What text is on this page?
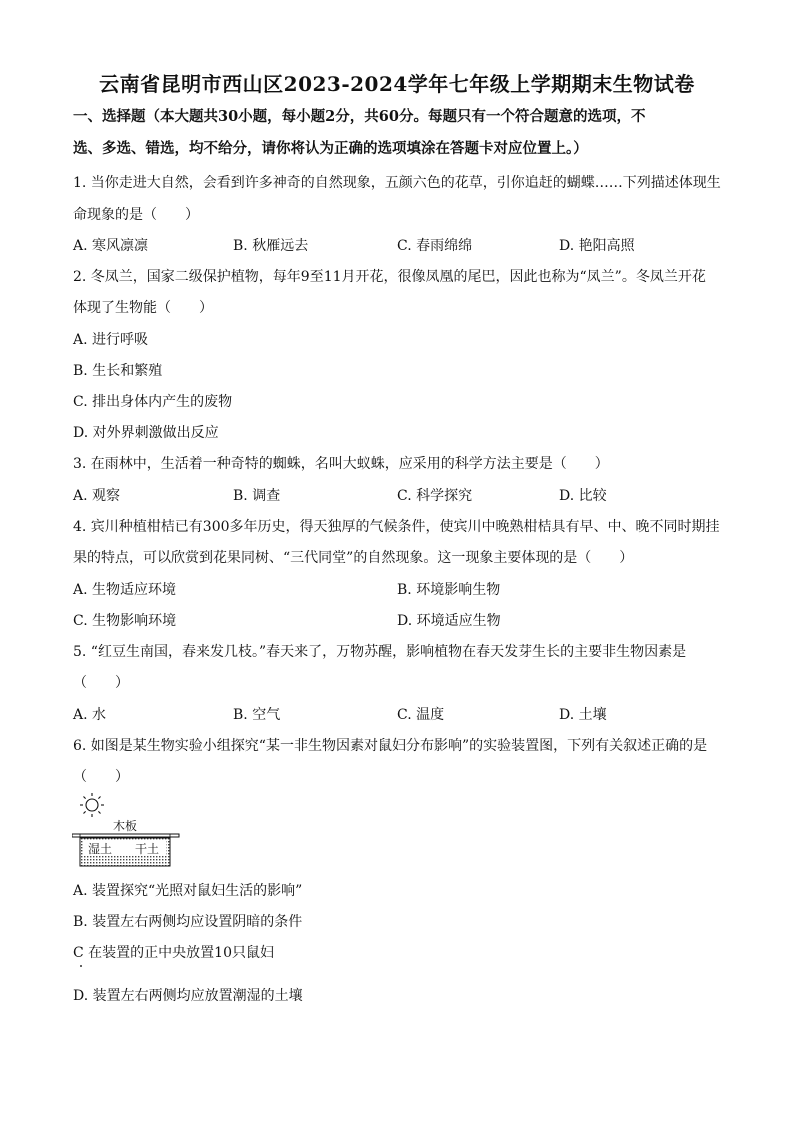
云南省昆明市西山区2023-2024学年七年级上学期期末生物试卷
一、选择题（本大题共30小题，每小题2分，共60分。每题只有一个符合题意的选项，不
选、多选、错选，均不给分，请你将认为正确的选项填涂在答题卡对应位置上。）
1. 当你走进大自然，会看到许多神奇的自然现象，五颜六色的花草，引你追赶的蝴蝶……下列描述体现生
命现象的是（　　）
A. 寒风凛凛	B. 秋雁远去	C. 春雨绵绵	D. 艳阳高照
2. 冬凤兰，国家二级保护植物，每年9至11月开花，很像凤凰的尾巴，因此也称为“凤兰”。冬凤兰开花
体现了生物能（　　）
A. 进行呼吸
B. 生长和繁殖
C. 排出身体内产生的废物
D. 对外界刺激做出反应
3. 在雨林中，生活着一种奇特的蜘蛛，名叫大蚁蛛，应采用的科学方法主要是（　　）
A. 观察	B. 调查	C. 科学探究	D. 比较
4. 宾川种植柑桔已有300多年历史，得天独厚的气候条件，使宾川中晚熟柑桔具有早、中、晚不同时期挂
果的特点，可以欣赏到花果同树、“三代同堂”的自然现象。这一现象主要体现的是（　　）
A. 生物适应环境	B. 环境影响生物
C. 生物影响环境	D. 环境适应生物
5. “红豆生南国，春来发几枝。”春天来了，万物苏醒，影响植物在春天发芽生长的主要非生物因素是
（　　）
A. 水	B. 空气	C. 温度	D. 土壤
6. 如图是某生物实验小组探究“某一非生物因素对鼠妇分布影响”的实验装置图，下列有关叙述正确的是
（　　）
木板
湿土 干土
A. 装置探究“光照对鼠妇生活的影响”
B. 装置左右两侧均应设置阴暗的条件
C 在装置的正中央放置10只鼠妇
D. 装置左右两侧均应放置潮湿的土壤
